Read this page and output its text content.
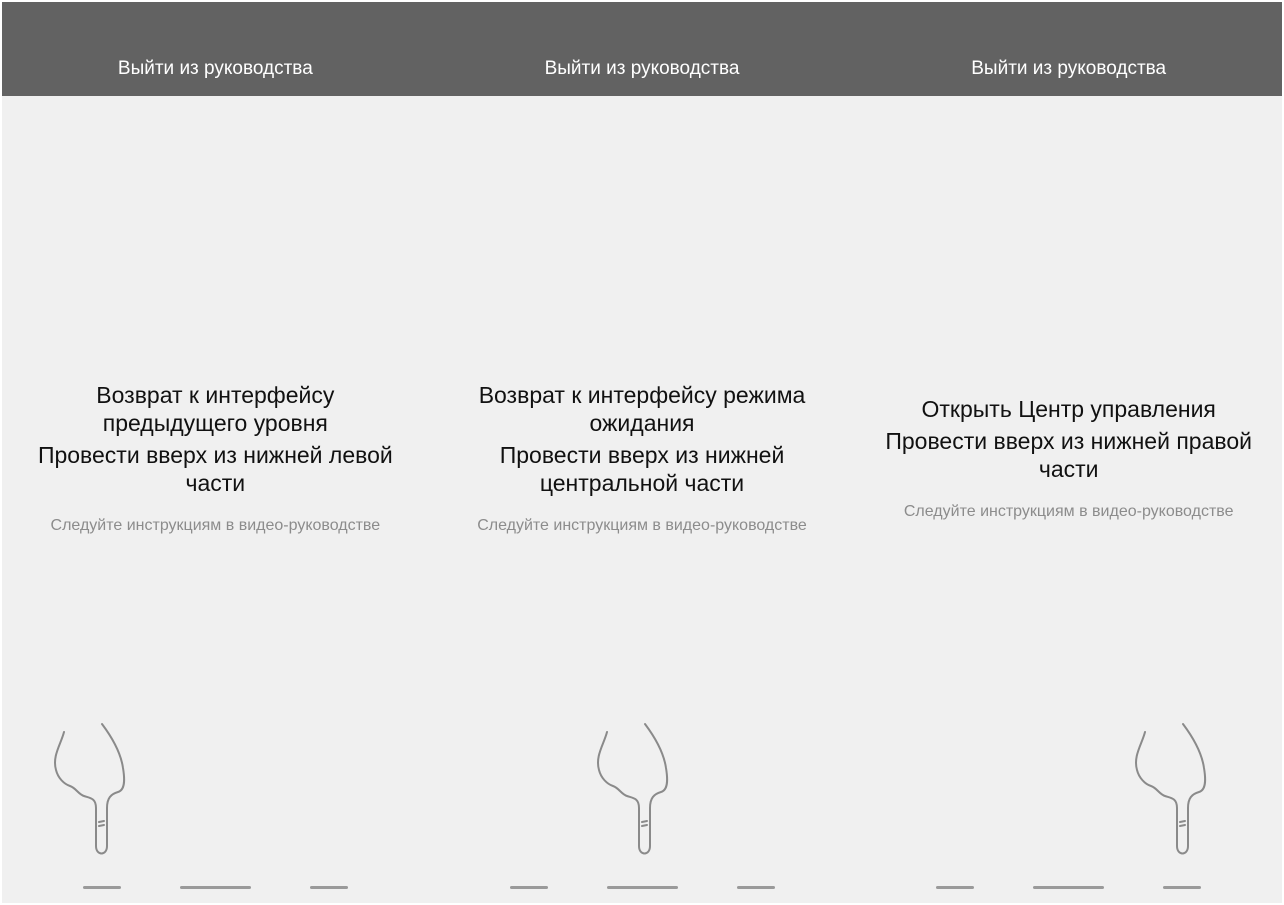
Выйти из руководства
Возврат к интерфейсу предыдущего уровня
Провести вверх из нижней левой части
Следуйте инструкциям в видео-руководстве
Выйти из руководства
Возврат к интерфейсу режима ожидания
Провести вверх из нижней центральной части
Следуйте инструкциям в видео-руководстве
Выйти из руководства
Открыть Центр управления
Провести вверх из нижней правой части
Следуйте инструкциям в видео-руководстве
